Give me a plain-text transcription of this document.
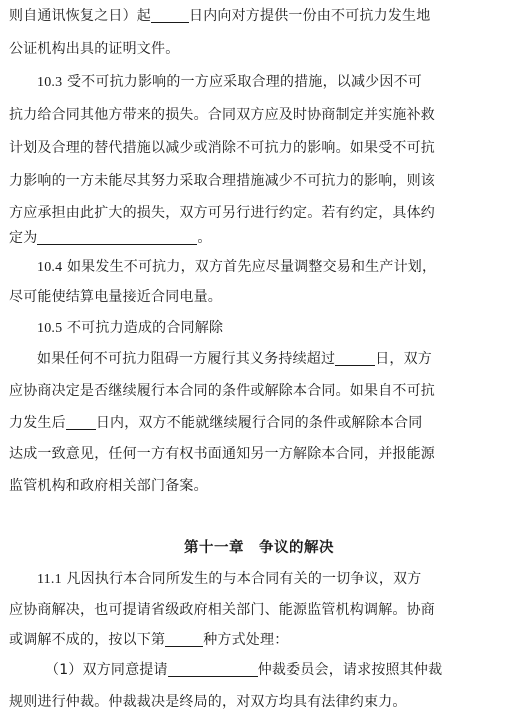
则自通讯恢复之日）起	日内向对方提供一份由不可抗力发生地
公证机构出具的证明文件。
10.3 受不可抗力影响的一方应采取合理的措施，以减少因不可
抗力给合同其他方带来的损失。合同双方应及时协商制定并实施补救
计划及合理的替代措施以减少或消除不可抗力的影响。如果受不可抗
力影响的一方未能尽其努力采取合理措施减少不可抗力的影响，则该
方应承担由此扩大的损失，双方可另行进行约定。若有约定，具体约
定为	。
10.4 如果发生不可抗力，双方首先应尽量调整交易和生产计划，
尽可能使结算电量接近合同电量。
10.5 不可抗力造成的合同解除
如果任何不可抗力阻碍一方履行其义务持续超过	日，双方
应协商决定是否继续履行本合同的条件或解除本合同。如果自不可抗
力发生后 日内，双方不能就继续履行合同的条件或解除本合同
达成一致意见，任何一方有权书面通知另一方解除本合同，并报能源
监管机构和政府相关部门备案。
第十一章　争议的解决
11.1 凡因执行本合同所发生的与本合同有关的一切争议，双方
应协商解决，也可提请省级政府相关部门、能源监管机构调解。协商
或调解不成的，按以下第	种方式处理：
（1）双方同意提请	仲裁委员会，请求按照其仲裁
规则进行仲裁。仲裁裁决是终局的，对双方均具有法律约束力。
